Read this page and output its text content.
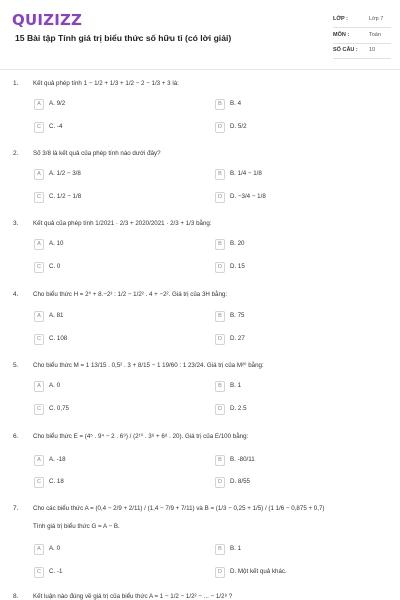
QUIZIZZ
15 Bài tập Tính giá trị biểu thức số hữu tỉ (có lời giải)
LỚP :	Lớp 7
MÔN :	Toán
SỐ CÂU : 10
1. Kết quả phép tính 1 − 1/2 + 1/3 + 1/2 − 2 − 1/3 + 3 là:
A	A. 9/2	B	B. 4
C	C. -4	D	D. 5/2
2. Số 3/8 là kết quả của phép tính nào dưới đây?
A	A. 1/2 − 3/8	B	B. 1/4 − 1/8
C	C. 1/2 − 1/8	D	D. −3/4 − 1/8
3. Kết quả của phép tính 1/2021 · 2/3 + 2020/2021 · 2/3 + 1/3 bằng:
A	A. 10	B	B. 20
C	C. 0	D	D. 15
4. Cho biểu thức H = 2⁰ + 8.−2³ : 1/2 − 1/2² . 4 + −2². Giá trị của 3H bằng:
A	A. 81	B	B. 75
C	C. 108	D	D. 27
5. Cho biểu thức M = 1 13/15 . 0,5² . 3 + 8/15 − 1 19/60 : 1 23/24. Giá trị của M²⁰ bằng:
A	A. 0	B	B. 1
C	C. 0,75	D	D. 2.5
6. Cho biểu thức E = (4⁵ . 9⁴ − 2 . 6⁹) / (2¹⁰ . 3⁸ + 6⁸ . 20). Giá trị của E/100 bằng:
A	A. -18	B	B. -80/11
C	C. 18	D	D. 8/55
7. Cho các biểu thức A = (0,4 − 2/9 + 2/11) / (1,4 − 7/9 + 7/11) và B = (1/3 − 0,25 + 1/5) / (1 1/6 − 0,875 + 0,7)
Tính giá trị biểu thức G = A − B.
A	A. 0	B	B. 1
C	C. -1	D	D. Một kết quả khác.
8. Kết luận nào đúng về giá trị của biểu thức A = 1 − 1/2 − 1/2² − ... − 1/2⁸ ?
